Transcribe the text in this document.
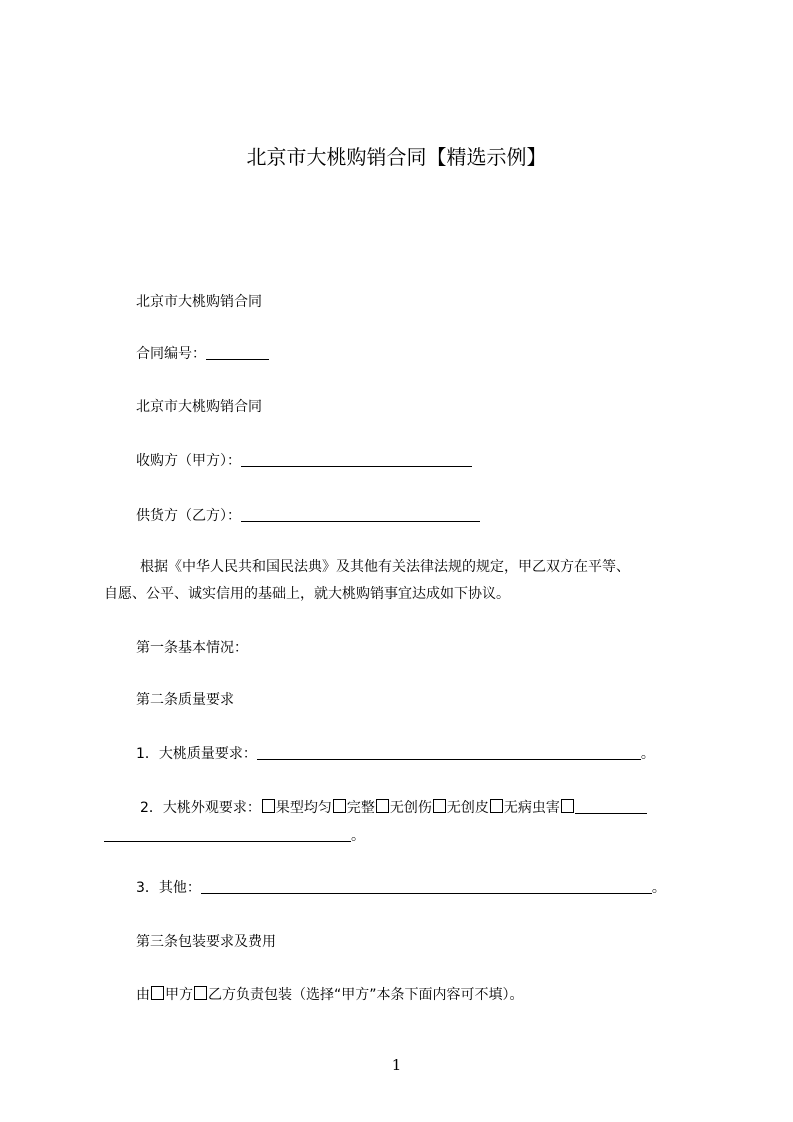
北京市大桃购销合同【精选示例】
北京市大桃购销合同
合同编号：
北京市大桃购销合同
收购方（甲方）：
供货方（乙方）：
根据《中华人民共和国民法典》及其他有关法律法规的规定，甲乙双方在平等、
自愿、公平、诚实信用的基础上，就大桃购销事宜达成如下协议。
第一条基本情况：
第二条质量要求
1．大桃质量要求：	。
2．大桃外观要求： 果型均匀 完整 无创伤 无创皮 无病虫害
。
3．其他：	。
第三条包装要求及费用
由 甲方 乙方负责包装（选择“甲方”本条下面内容可不填）。
1
